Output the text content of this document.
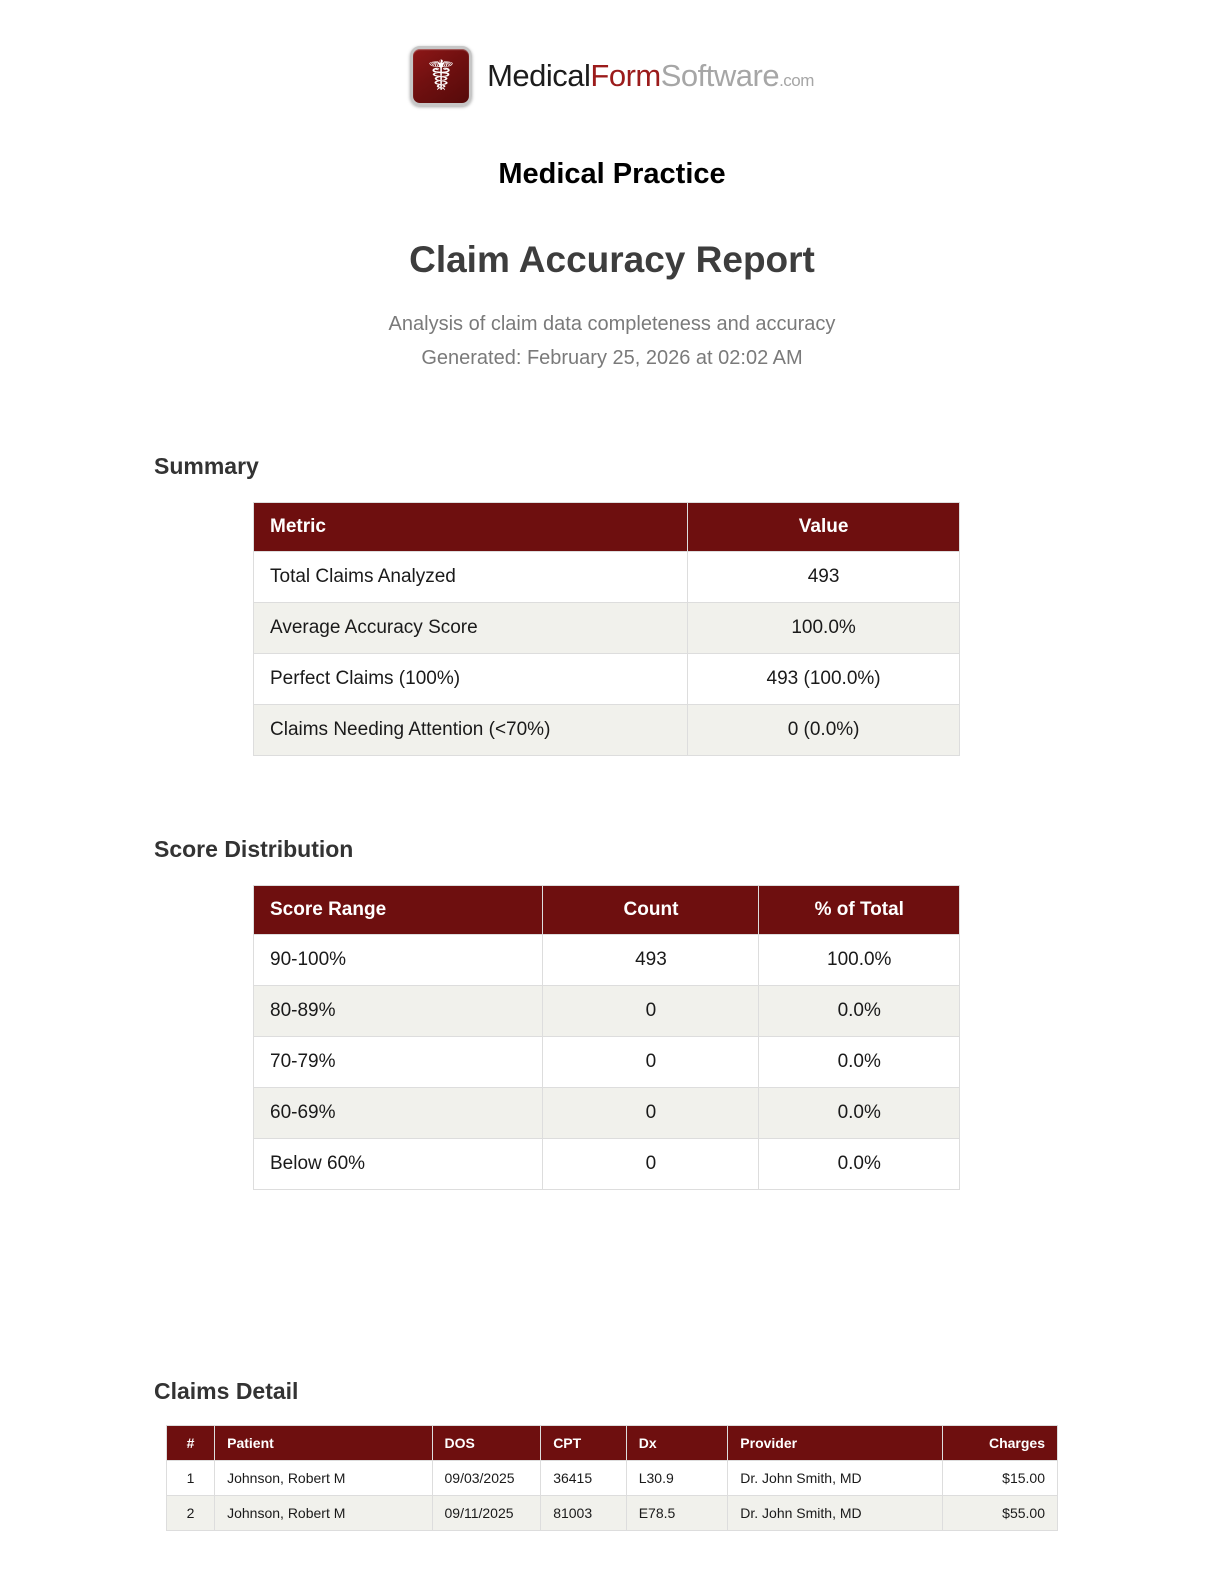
☤	MedicalFormSoftware.com
Medical Practice
Claim Accuracy Report
Analysis of claim data completeness and accuracy
Generated: February 25, 2026 at 02:02 AM
Summary
Metric	Value
Total Claims Analyzed	493
Average Accuracy Score	100.0%
Perfect Claims (100%)	493 (100.0%)
Claims Needing Attention (<70%)	0 (0.0%)
Score Distribution
Score Range	Count	% of Total
90-100%	493	100.0%
80-89%	0	0.0%
70-79%	0	0.0%
60-69%	0	0.0%
Below 60%	0	0.0%
Claims Detail
#	Patient	DOS	CPT	Dx	Provider	Charges
1	Johnson, Robert M	09/03/2025	36415	L30.9	Dr. John Smith, MD	$15.00
2	Johnson, Robert M	09/11/2025	81003	E78.5	Dr. John Smith, MD	$55.00
